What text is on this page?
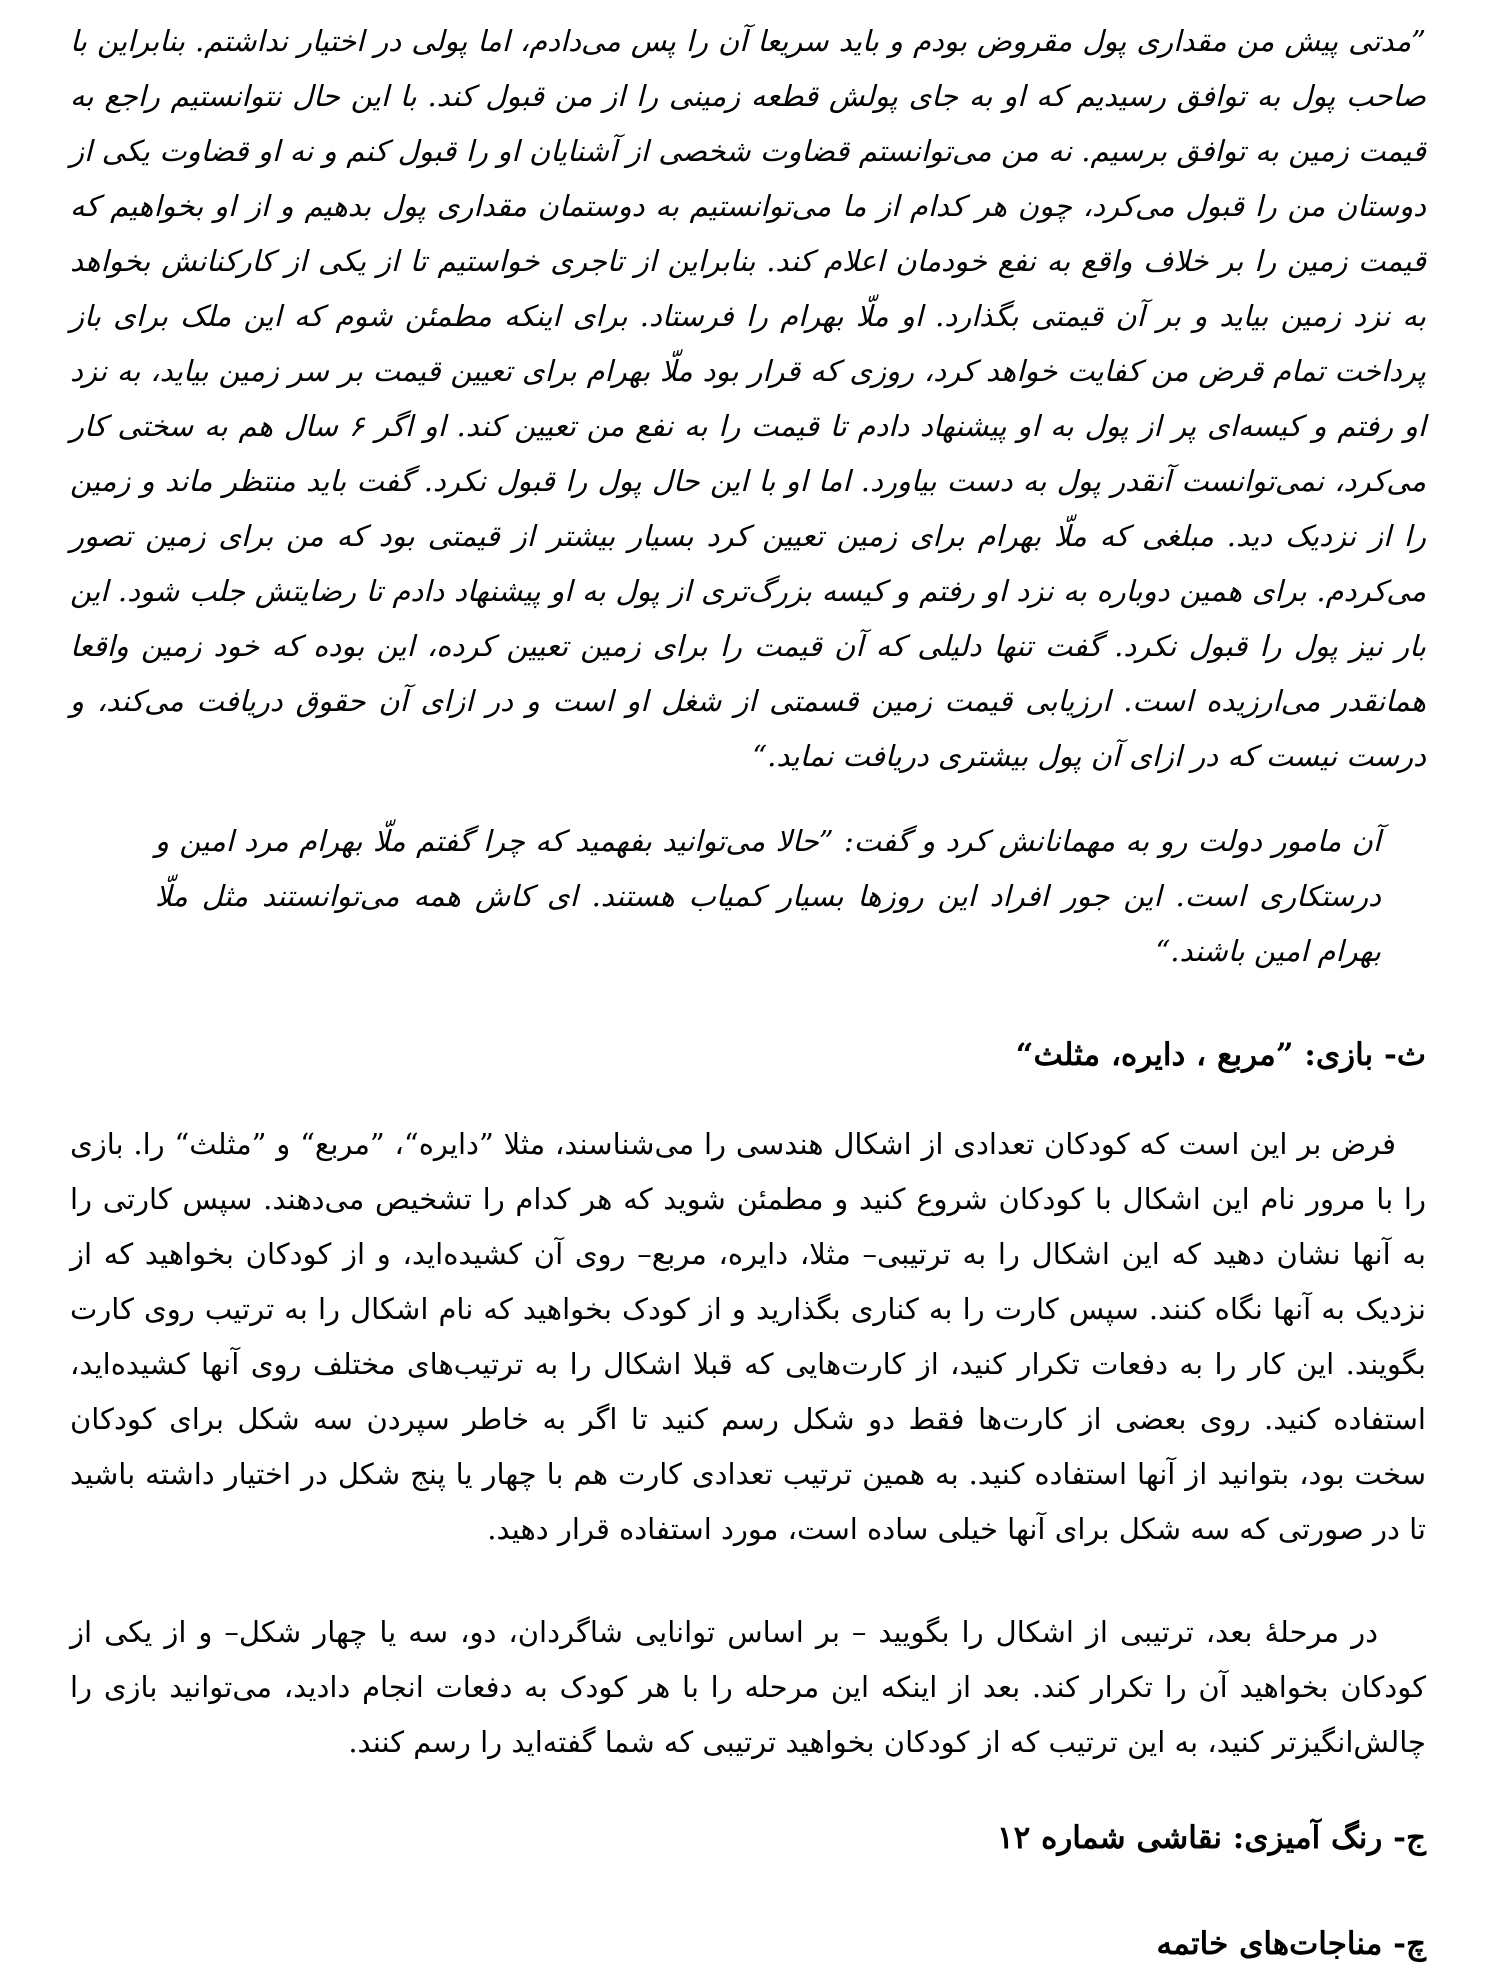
”مدتی پیش من مقداری پول مقروض بودم و باید سریعا آن را پس می‌دادم، اما پولی در اختیار نداشتم. بنابراین با صاحب پول به توافق رسیدیم که او به جای پولش قطعه زمینی را از من قبول کند. با این حال نتوانستیم راجع به قیمت زمین به توافق برسیم. نه من می‌توانستم قضاوت شخصی از آشنایان او را قبول کنم و نه او قضاوت یکی از دوستان من را قبول می‌کرد، چون هر کدام از ما می‌توانستیم به دوستمان مقداری پول بدهیم و از او بخواهیم که قیمت زمین را بر خلاف واقع به نفع خودمان اعلام کند. بنابراین از تاجری خواستیم تا از یکی از کارکنانش بخواهد به نزد زمین بیاید و بر آن قیمتی بگذارد. او ملّا بهرام را فرستاد. برای اینکه مطمئن شوم که این ملک برای باز پرداخت تمام قرض من کفایت خواهد کرد، روزی که قرار بود ملّا بهرام برای تعیین قیمت بر سر زمین بیاید، به نزد او رفتم و کیسه‌ای پر از پول به او پیشنهاد دادم تا قیمت را به نفع من تعیین کند. او اگر ۶ سال هم به سختی کار می‌کرد، نمی‌توانست آنقدر پول به دست بیاورد. اما او با این حال پول را قبول نکرد. گفت باید منتظر ماند و زمین را از نزدیک دید. مبلغی که ملّا بهرام برای زمین تعیین کرد بسیار بیشتر از قیمتی بود که من برای زمین تصور می‌کردم. برای همین دوباره به نزد او رفتم و کیسه بزرگ‌تری از پول به او پیشنهاد دادم تا رضایتش جلب شود. این بار نیز پول را قبول نکرد. گفت تنها دلیلی که آن قیمت را برای زمین تعیین کرده، این بوده که خود زمین واقعا همانقدر می‌ارزیده است. ارزیابی قیمت زمین قسمتی از شغل او است و در ازای آن حقوق دریافت می‌کند، و درست نیست که در ازای آن پول بیشتری دریافت نماید.“

آن مامور دولت رو به مهمانانش کرد و گفت: ”حالا می‌توانید بفهمید که چرا گفتم ملّا بهرام مرد امین و درستکاری است. این جور افراد این روزها بسیار کمیاب هستند. ای کاش همه می‌توانستند مثل ملّا بهرام امین باشند.“

ث- بازی: ”مربع ، دایره، مثلث“

فرض بر این است که کودکان تعدادی از اشکال هندسی را می‌شناسند، مثلا ”دایره“، ”مربع“ و ”مثلث“ را. بازی را با مرور نام این اشکال با کودکان شروع کنید و مطمئن شوید که هر کدام را تشخیص می‌دهند. سپس کارتی را به آنها نشان دهید که این اشکال را به ترتیبی– مثلا، دایره، مربع– روی آن کشیده‌اید، و از کودکان بخواهید که از نزدیک به آنها نگاه کنند. سپس کارت را به کناری بگذارید و از کودک بخواهید که نام اشکال را به ترتیب روی کارت بگویند. این کار را به دفعات تکرار کنید، از کارت‌هایی که قبلا اشکال را به ترتیب‌های مختلف روی آنها کشیده‌اید، استفاده کنید. روی بعضی از کارت‌ها فقط دو شکل رسم کنید تا اگر به خاطر سپردن سه شکل برای کودکان سخت بود، بتوانید از آنها استفاده کنید. به همین ترتیب تعدادی کارت هم با چهار یا پنج شکل در اختیار داشته باشید تا در صورتی که سه شکل برای آنها خیلی ساده است، مورد استفاده قرار دهید.

در مرحلهٔ بعد، ترتیبی از اشکال را بگویید – بر اساس توانایی شاگردان، دو، سه یا چهار شکل– و از یکی از کودکان بخواهید آن را تکرار کند. بعد از اینکه این مرحله را با هر کودک به دفعات انجام دادید، می‌توانید بازی را چالش‌انگیزتر کنید، به این ترتیب که از کودکان بخواهید ترتیبی که شما گفته‌اید را رسم کنند.

ج- رنگ آمیزی: نقاشی شماره ۱۲
چ- مناجات‌های خاتمه
